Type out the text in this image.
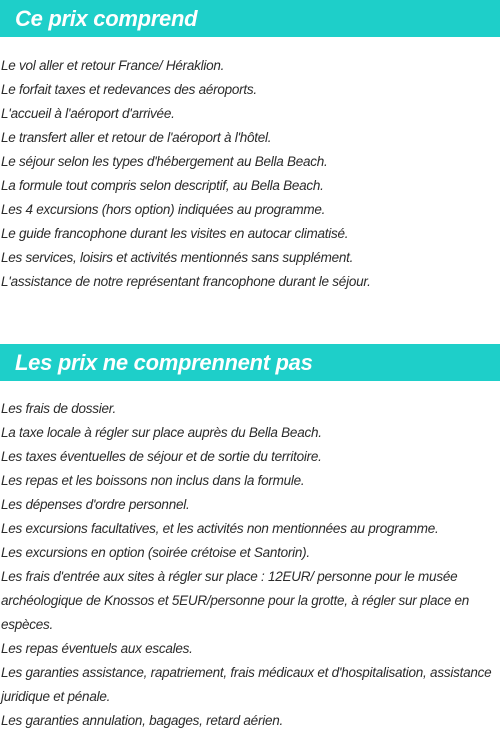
Ce prix comprend
Le vol aller et retour France/ Héraklion.
Le forfait taxes et redevances des aéroports.
L'accueil à l'aéroport d'arrivée.
Le transfert aller et retour de l'aéroport à l'hôtel.
Le séjour selon les types d'hébergement au Bella Beach.
La formule tout compris selon descriptif, au Bella Beach.
Les 4 excursions (hors option) indiquées au programme.
Le guide francophone durant les visites en autocar climatisé.
Les services, loisirs et activités mentionnés sans supplément.
L'assistance de notre représentant francophone durant le séjour.
Les prix ne comprennent pas
Les frais de dossier.
La taxe locale à régler sur place auprès du Bella Beach.
Les taxes éventuelles de séjour et de sortie du territoire.
Les repas et les boissons non inclus dans la formule.
Les dépenses d'ordre personnel.
Les excursions facultatives, et les activités non mentionnées au programme.
Les excursions en option (soirée crétoise et Santorin).
Les frais d'entrée aux sites à régler sur place : 12EUR/ personne pour le musée archéologique de Knossos et 5EUR/personne pour la grotte, à régler sur place en espèces.
Les repas éventuels aux escales.
Les garanties assistance, rapatriement, frais médicaux et d'hospitalisation, assistance juridique et pénale.
Les garanties annulation, bagages, retard aérien.
